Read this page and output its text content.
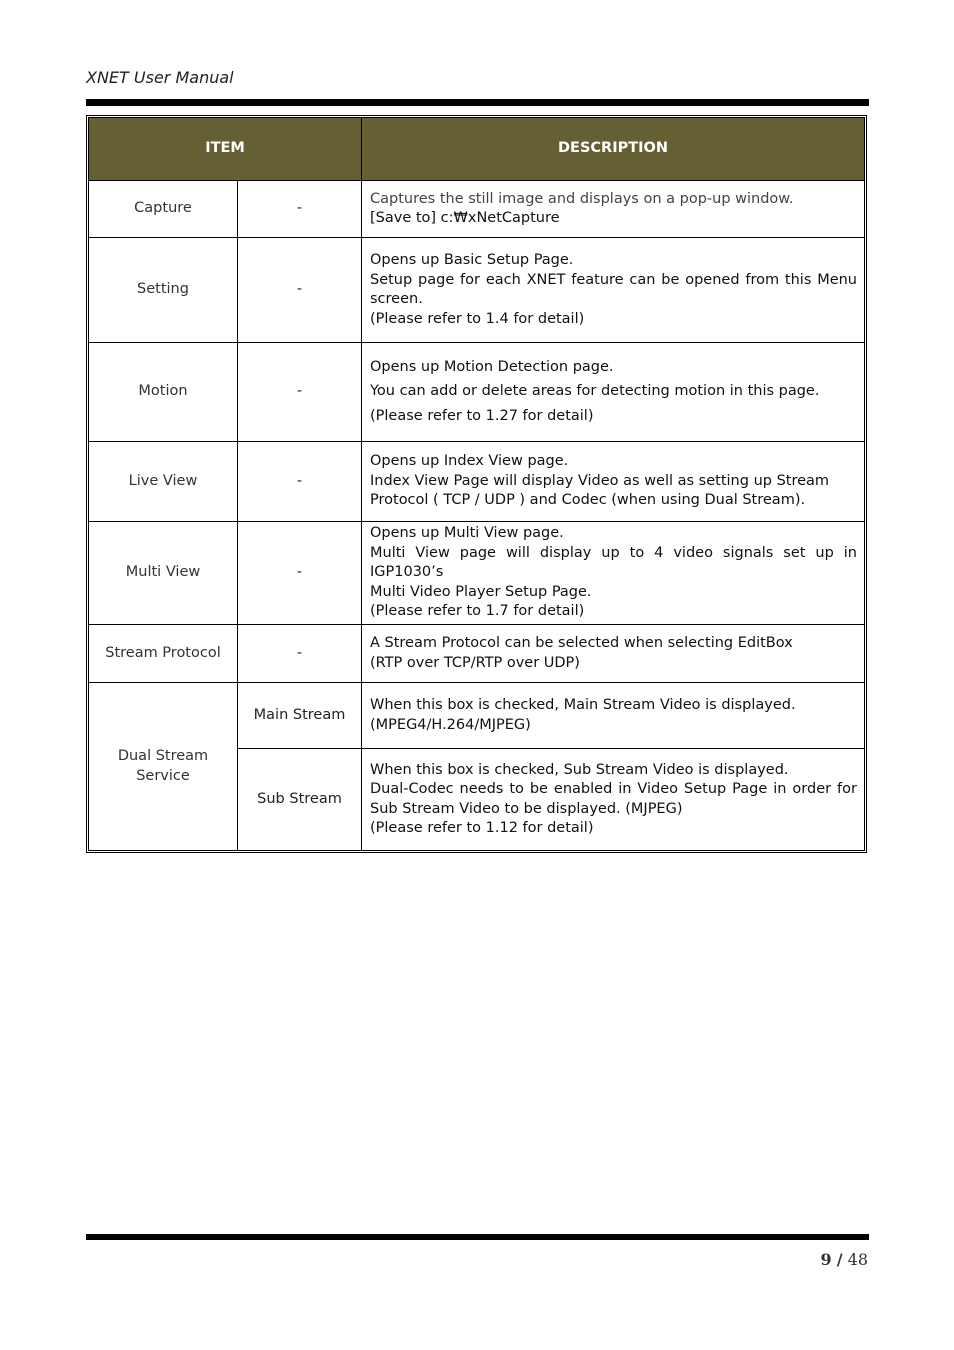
XNET User Manual
ITEM		DESCRIPTION
Capture	-	Captures the still image and displays on a pop-up window.
[Save to] c:₩xNetCapture

Setting	-	Opens up Basic Setup Page.
Setup page for each XNET feature can be opened from this Menu
screen.
(Please refer to 1.4 for detail)

Motion	-	Opens up Motion Detection page.
You can add or delete areas for detecting motion in this page.
(Please refer to 1.27 for detail)

Live View	-	Opens up Index View page.
Index View Page will display Video as well as setting up Stream
Protocol ( TCP / UDP ) and Codec (when using Dual Stream).

Multi View	-	Opens up Multi View page.
Multi View page will display up to 4 video signals set up in IGP1030’s
Multi Video Player Setup Page.
(Please refer to 1.7 for detail)

Stream Protocol	-	A Stream Protocol can be selected when selecting EditBox
(RTP over TCP/RTP over UDP)

Dual Stream
Service	Main Stream	When this box is checked, Main Stream Video is displayed.
(MPEG4/H.264/MJPEG)

	Sub Stream	When this box is checked, Sub Stream Video is displayed.
Dual-Codec needs to be enabled in Video Setup Page in order for
Sub Stream Video to be displayed. (MJPEG)
(Please refer to 1.12 for detail)
9 / 48
